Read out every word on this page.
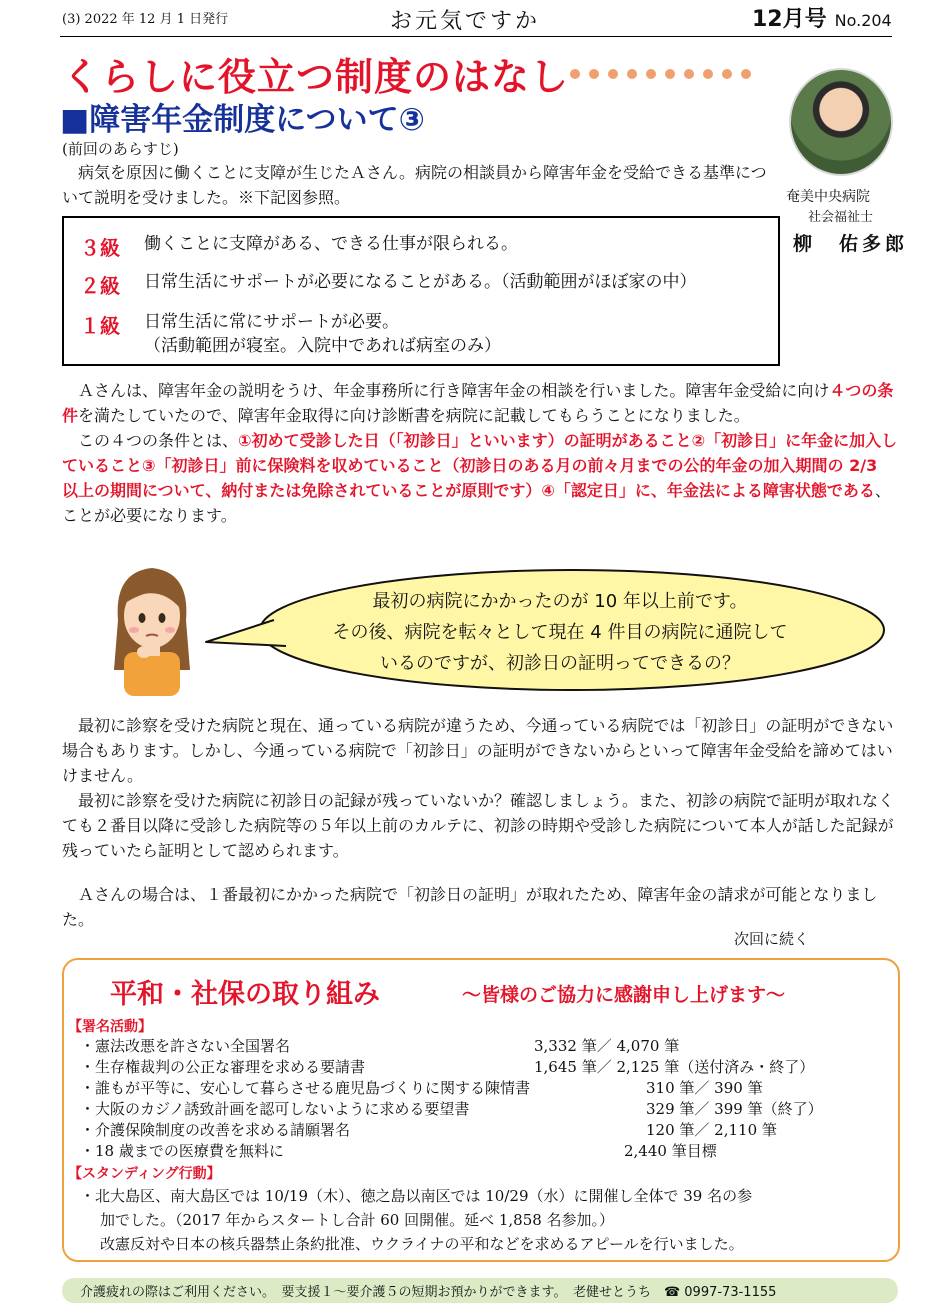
(3) 2022 年 12 月 1 日発行	お元気ですか	12月号 No.204
くらしに役立つ制度のはなし
■障害年金制度について③
奄美中央病院
社会福祉士
柳　佑多郎
(前回のあらすじ)
　病気を原因に働くことに支障が生じたＡさん。病院の相談員から障害年金を受給できる基準について説明を受けました。※下記図参照。
３級 働くことに支障がある、できる仕事が限られる。
２級 日常生活にサポートが必要になることがある。（活動範囲がほぼ家の中）
１級 日常生活に常にサポートが必要。
（活動範囲が寝室。入院中であれば病室のみ）
　Ａさんは、障害年金の説明をうけ、年金事務所に行き障害年金の相談を行いました。障害年金受給に向け４つの条件を満たしていたので、障害年金取得に向け診断書を病院に記載してもらうことになりました。
　この４つの条件とは、①初めて受診した日（「初診日」といいます）の証明があること②「初診日」に年金に加入していること③「初診日」前に保険料を収めていること（初診日のある月の前々月までの公的年金の加入期間の 2/3 以上の期間について、納付または免除されていることが原則です）④「認定日」に、年金法による障害状態である、ことが必要になります。
最初の病院にかかったのが 10 年以上前です。
その後、病院を転々として現在 4 件目の病院に通院して
いるのですが、初診日の証明ってできるの？
　最初に診察を受けた病院と現在、通っている病院が違うため、今通っている病院では「初診日」の証明ができない場合もあります。しかし、今通っている病院で「初診日」の証明ができないからといって障害年金受給を諦めてはいけません。
　最初に診察を受けた病院に初診日の記録が残っていないか？確認しましょう。また、初診の病院で証明が取れなくても２番目以降に受診した病院等の５年以上前のカルテに、初診の時期や受診した病院について本人が話した記録が残っていたら証明として認められます。
　Ａさんの場合は、１番最初にかかった病院で「初診日の証明」が取れたため、障害年金の請求が可能となりました。
次回に続く
平和・社保の取り組み	〜皆様のご協力に感謝申し上げます〜
【署名活動】
・憲法改悪を許さない全国署名	3,332 筆／ 4,070 筆
・生存権裁判の公正な審理を求める要請書	1,645 筆／ 2,125 筆（送付済み・終了）
・誰もが平等に、安心して暮らさせる鹿児島づくりに関する陳情書	310 筆／ 390 筆
・大阪のカジノ誘致計画を認可しないように求める要望書	329 筆／ 399 筆（終了）
・介護保険制度の改善を求める請願署名	120 筆／ 2,110 筆
・18 歳までの医療費を無料に	2,440 筆目標
【スタンディング行動】
・北大島区、南大島区では 10/19（木）、徳之島以南区では 10/29（水）に開催し全体で 39 名の参
加でした。（2017 年からスタートし合計 60 回開催。延べ 1,858 名参加。）
改憲反対や日本の核兵器禁止条約批准、ウクライナの平和などを求めるアピールを行いました。
介護疲れの際はご利用ください。　要支援１〜要介護５の短期お預かりができます。　老健せとうち　☎ 0997-73-1155
